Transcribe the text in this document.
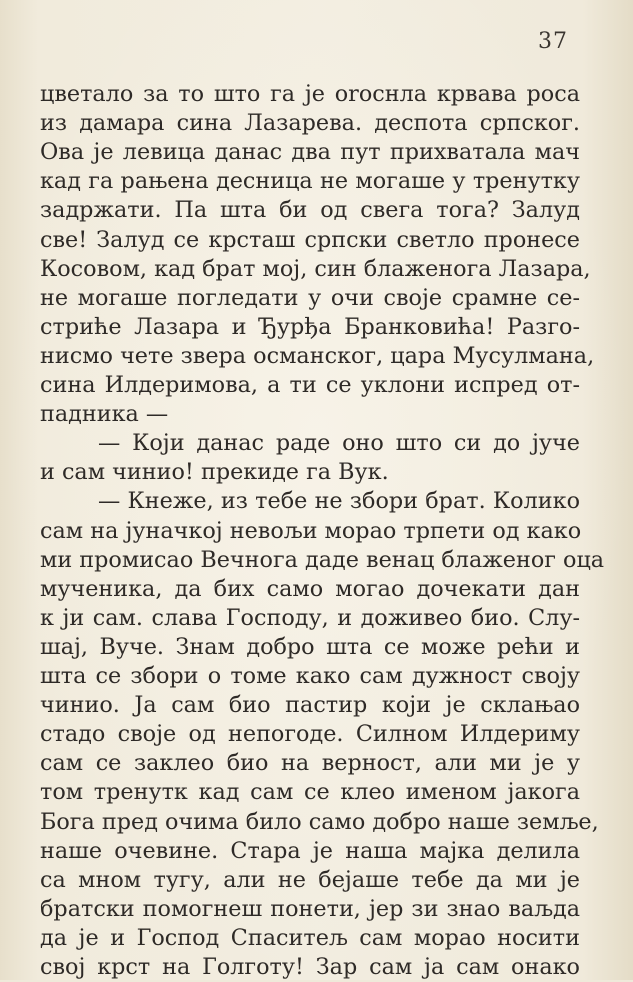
37
цветало за то што га је orocнла крвава роса
из дамара сина Лазарева. деспота српског.
Ова је левица данас два пут прихватала мач
кад га рањена десница не могаше у тренутку
задржати. Па шта би од свега тога? Залуд
све! Залуд се крсташ српски светло пронесе
Косовом, кад брат мој, син блаженога Лазара,
не могаше погледати у очи своје срамне се-
стриће Лазара и Ђурђа Бранковића! Разго-
нисмо чете звера османског, цара Мусулмана,
сина Илдеримова, а ти се уклони испред от-
падника —
— Који данас раде оно што си до јуче
и сам чинио! прекиде га Вук.
— Кнеже, из тебе не збори брат. Колико
сам на јуначкој невољи морао трпети од како
ми промисао Вечнога даде венац блаженог оца
мученика, да бих само могао дочекати дан
к ји сам. слава Господу, и доживео био. Слу-
шај, Вуче. Знам добро шта се може рећи и
шта се збори о томе како сам дужност своју
чинио. Ја сам био пастир који је склањао
стадо своје од непогоде. Силном Илдериму
сам се заклео био на верност, али ми је у
том тренутк кад сам се клео именом јакога
Бога пред очима било само добро наше земље,
наше очевине. Стара је наша мајка делила
са мном тугу, али не бејаше тебе да ми је
братски помогнеш понети, јер зи знао ваљда
да је и Господ Спаситељ сам морао носити
свој крст на Голготу! Зар сам ја сам онако
